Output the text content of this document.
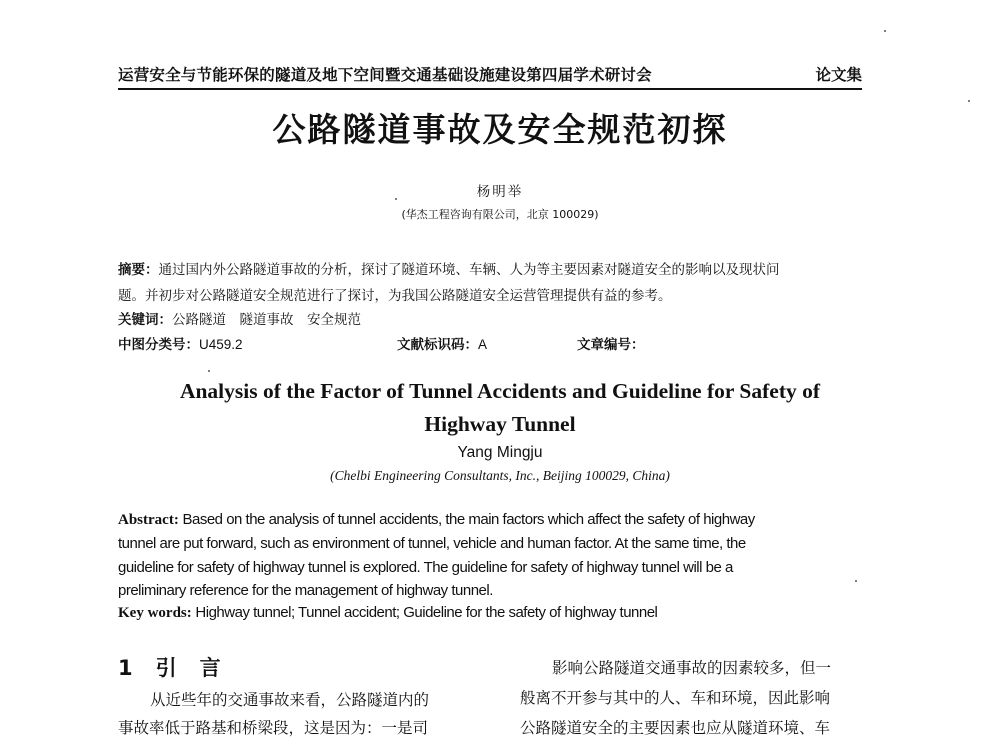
运营安全与节能环保的隧道及地下空间暨交通基础设施建设第四届学术研讨会	论文集
公路隧道事故及安全规范初探
杨明举
(华杰工程咨询有限公司，北京 100029)
摘要：通过国内外公路隧道事故的分析，探讨了隧道环境、车辆、人为等主要因素对隧道安全的影响以及现状问
题。并初步对公路隧道安全规范进行了探讨，为我国公路隧道安全运营管理提供有益的参考。
关键词：公路隧道　隧道事故　安全规范
中图分类号：U459.2	文献标识码：A	文章编号：
Analysis of the Factor of Tunnel Accidents and Guideline for Safety of
Highway Tunnel
Yang Mingju
(Chelbi Engineering Consultants, Inc., Beijing 100029, China)
Abstract: Based on the analysis of tunnel accidents, the main factors which affect the safety of highway
tunnel are put forward, such as environment of tunnel, vehicle and human factor. At the same time, the
guideline for safety of highway tunnel is explored. The guideline for safety of highway tunnel will be a
preliminary reference for the management of highway tunnel.
Key words: Highway tunnel; Tunnel accident; Guideline for the safety of highway tunnel
1　引　言
从近些年的交通事故来看，公路隧道内的
事故率低于路基和桥梁段，这是因为：一是司
影响公路隧道交通事故的因素较多，但一
般离不开参与其中的人、车和环境，因此影响
公路隧道安全的主要因素也应从隧道环境、车
